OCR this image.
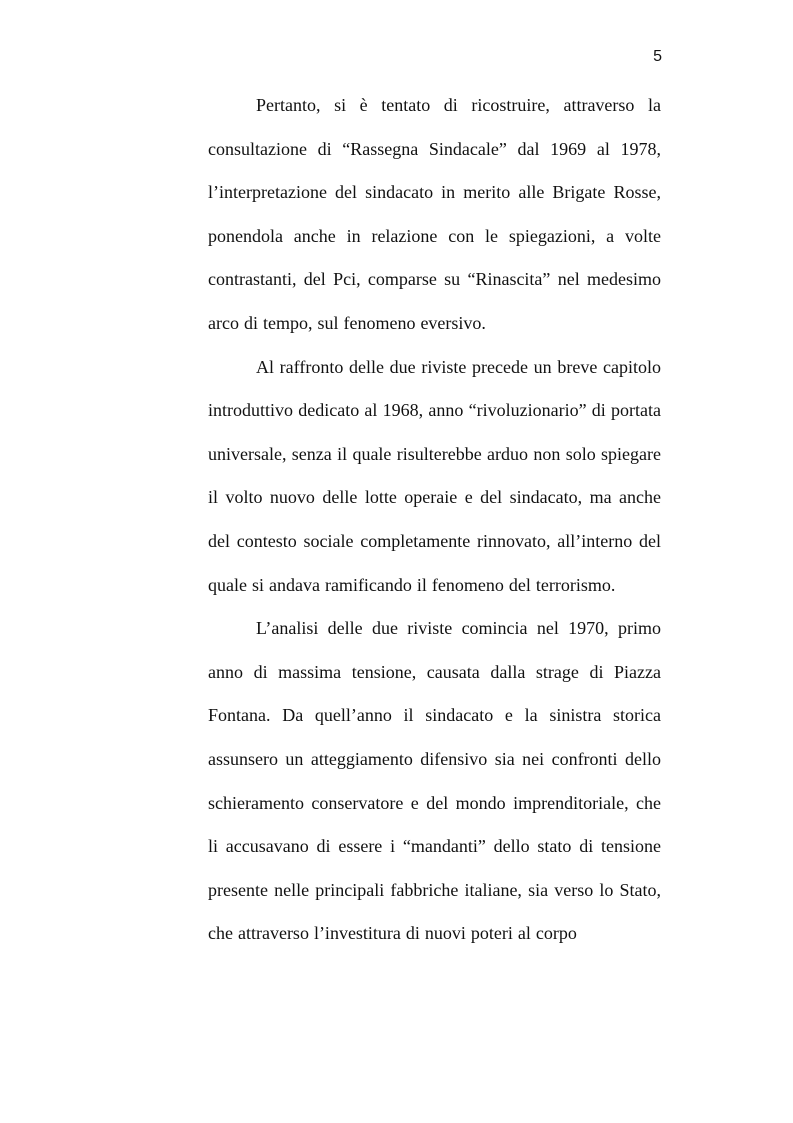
5

Pertanto, si è tentato di ricostruire, attraverso la consultazione di “Rassegna Sindacale” dal 1969 al 1978, l’interpretazione del sindacato in merito alle Brigate Rosse, ponendola anche in relazione con le spiegazioni, a volte contrastanti, del Pci, comparse su “Rinascita” nel medesimo arco di tempo, sul fenomeno eversivo.

Al raffronto delle due riviste precede un breve capitolo introduttivo dedicato al 1968, anno “rivoluzionario” di portata universale, senza il quale risulterebbe arduo non solo spiegare il volto nuovo delle lotte operaie e del sindacato, ma anche del contesto sociale completamente rinnovato, all’interno del quale si andava ramificando il fenomeno del terrorismo.

L’analisi delle due riviste comincia nel 1970, primo anno di massima tensione, causata dalla strage di Piazza Fontana. Da quell’anno il sindacato e la sinistra storica assunsero un atteggiamento difensivo sia nei confronti dello schieramento conservatore e del mondo imprenditoriale, che li accusavano di essere i “mandanti” dello stato di tensione presente nelle principali fabbriche italiane, sia verso lo Stato, che attraverso l’investitura di nuovi poteri al corpo
